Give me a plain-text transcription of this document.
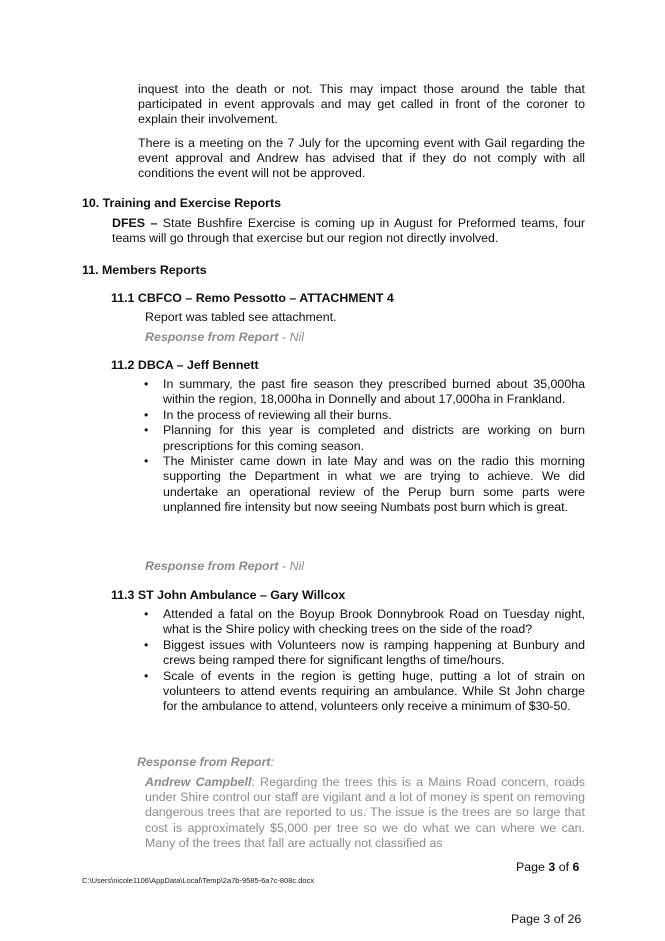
inquest into the death or not. This may impact those around the table that participated in event approvals and may get called in front of the coroner to explain their involvement.

There is a meeting on the 7 July for the upcoming event with Gail regarding the event approval and Andrew has advised that if they do not comply with all conditions the event will not be approved.

10. Training and Exercise Reports

DFES – State Bushfire Exercise is coming up in August for Preformed teams, four teams will go through that exercise but our region not directly involved.

11. Members Reports

11.1 CBFCO – Remo Pessotto – ATTACHMENT 4

Report was tabled see attachment.

Response from Report - Nil

11.2 DBCA – Jeff Bennett

• In summary, the past fire season they prescribed burned about 35,000ha within the region, 18,000ha in Donnelly and about 17,000ha in Frankland.
• In the process of reviewing all their burns.
• Planning for this year is completed and districts are working on burn prescriptions for this coming season.
• The Minister came down in late May and was on the radio this morning supporting the Department in what we are trying to achieve. We did undertake an operational review of the Perup burn some parts were unplanned fire intensity but now seeing Numbats post burn which is great.

Response from Report - Nil

11.3 ST John Ambulance – Gary Willcox

• Attended a fatal on the Boyup Brook Donnybrook Road on Tuesday night, what is the Shire policy with checking trees on the side of the road?
• Biggest issues with Volunteers now is ramping happening at Bunbury and crews being ramped there for significant lengths of time/hours.
• Scale of events in the region is getting huge, putting a lot of strain on volunteers to attend events requiring an ambulance. While St John charge for the ambulance to attend, volunteers only receive a minimum of $30-50.

Response from Report:

Andrew Campbell: Regarding the trees this is a Mains Road concern, roads under Shire control our staff are vigilant and a lot of money is spent on removing dangerous trees that are reported to us. The issue is the trees are so large that cost is approximately $5,000 per tree so we do what we can where we can. Many of the trees that fall are actually not classified as

Page 3 of 6

C:\Users\nicole1106\AppData\Local\Temp\2a7b-9585-6a7c-808c.docx

Page 3 of 26
